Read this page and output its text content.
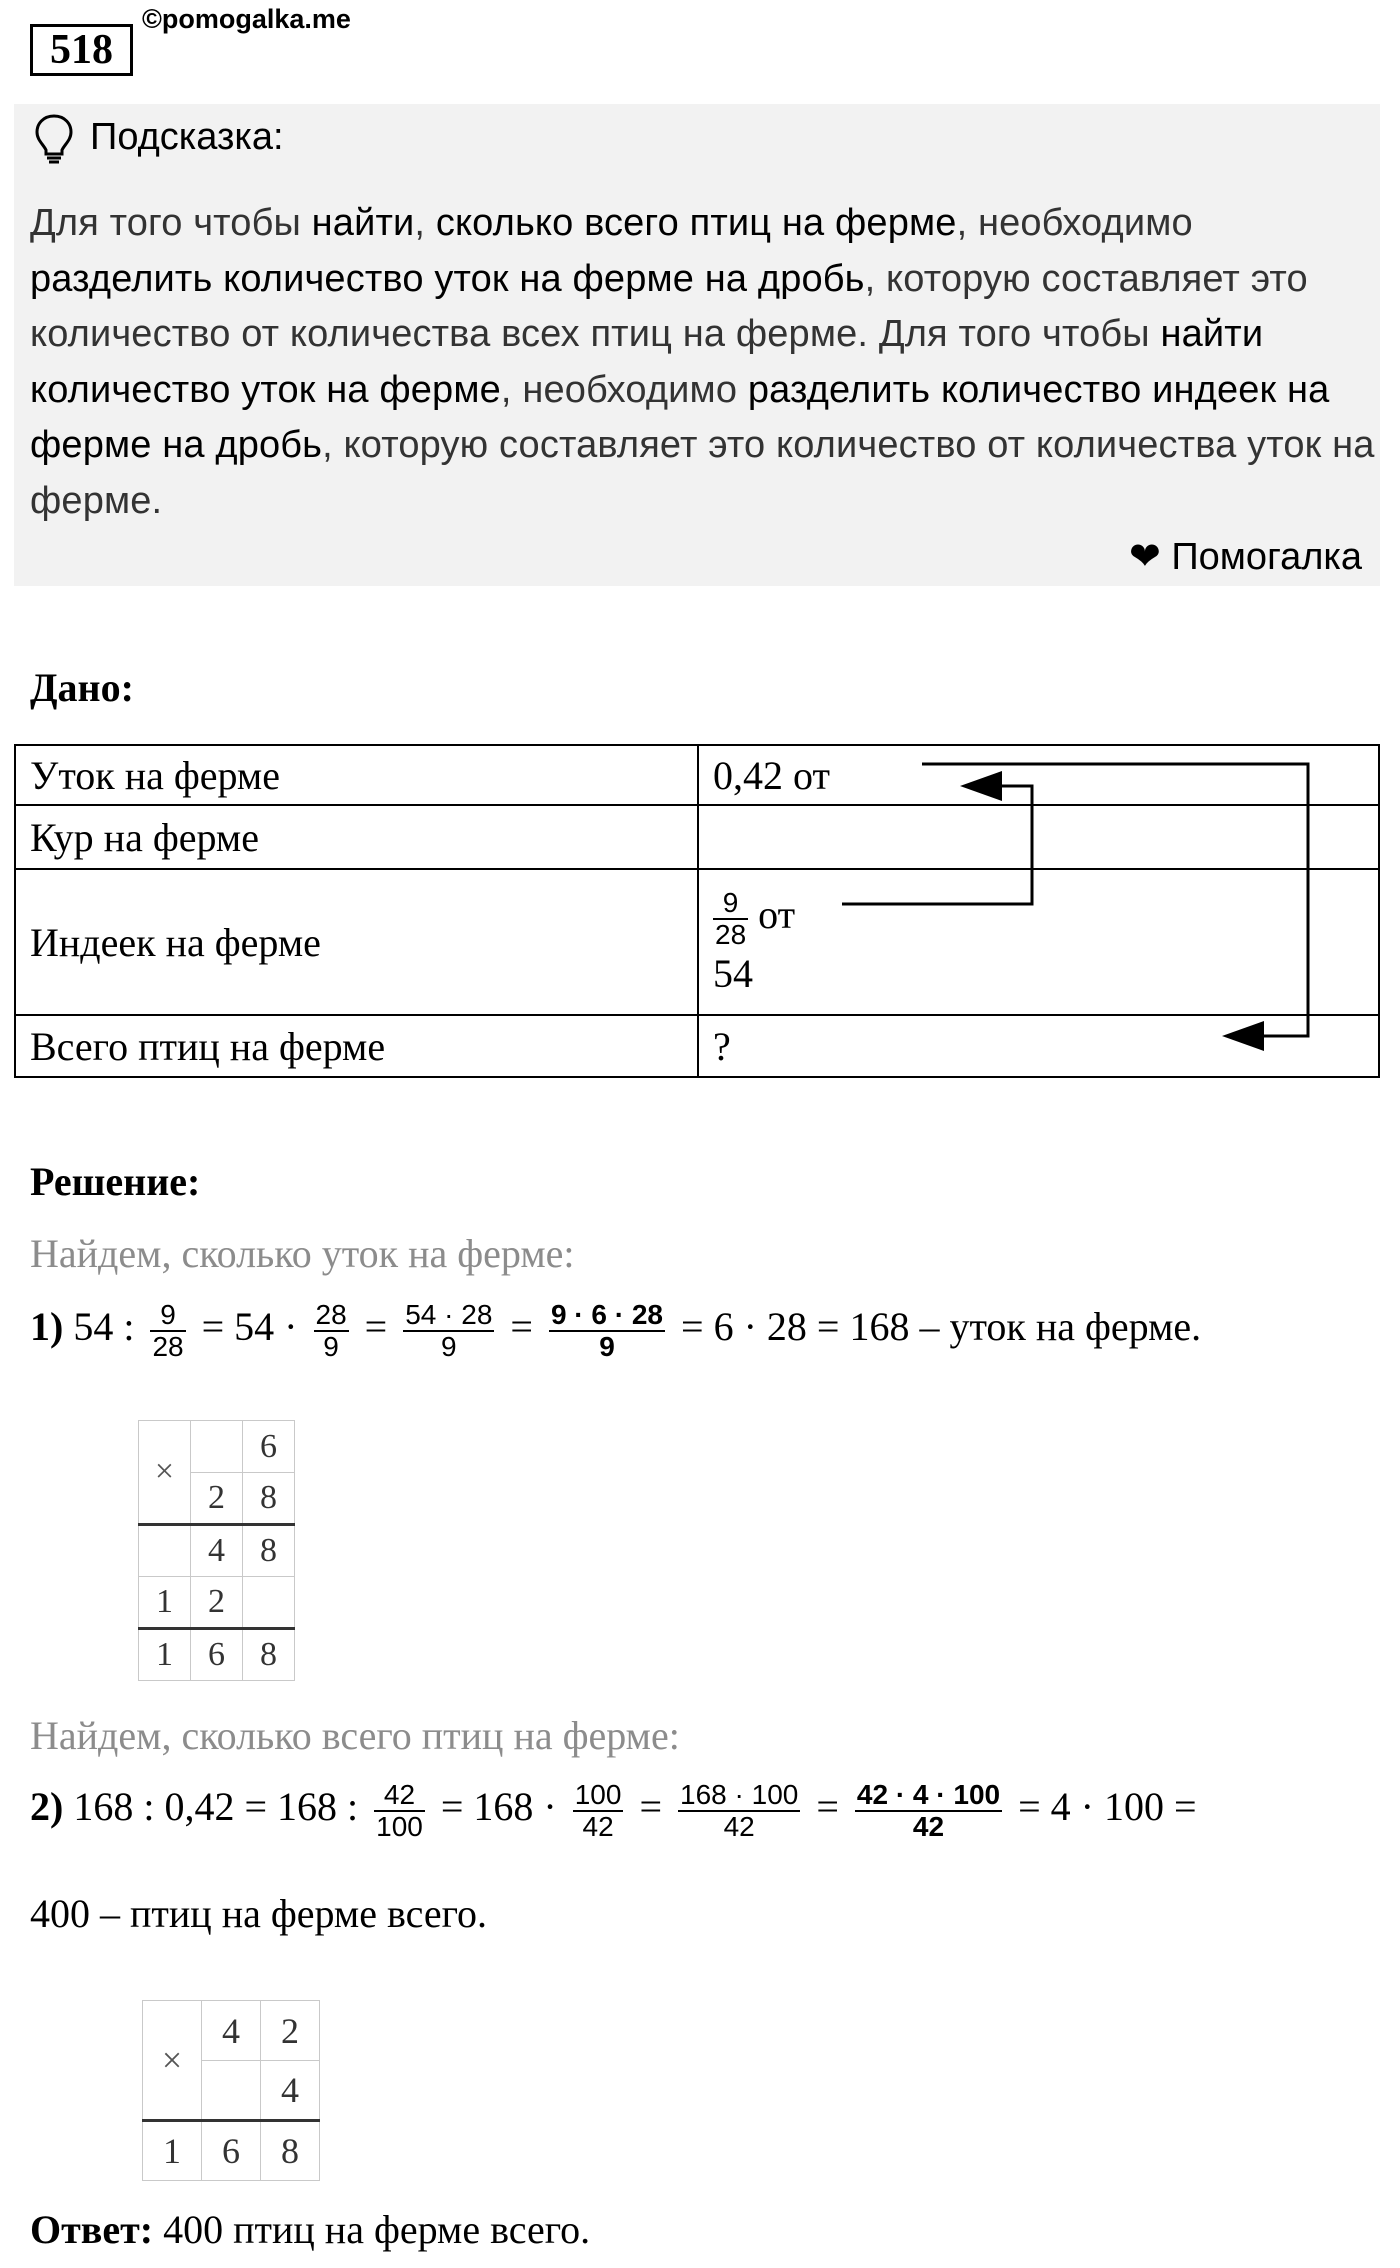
518
©pomogalka.me
Подсказка:
Для того чтобы найти, сколько всего птиц на ферме, необходимо разделить количество уток на ферме на дробь, которую составляет это количество от количества всех птиц на ферме. Для того чтобы найти количество уток на ферме, необходимо разделить количество индеек на ферме на дробь, которую составляет это количество от количества уток на ферме.
❤ Помогалка
Дано:
Уток на ферме	0,42 от
Кур на ферме	
Индеек на ферме	$\frac{9}{28}$ от
54

Всего птиц на ферме	?
Решение:
Найдем, сколько уток на ферме:
1) 54 : $\frac{9}{28} = 54 \cdot \frac{28}{9} = \frac{54 \cdot 28}{9} = \frac{9 \cdot 6 \cdot 28}{9} = 6 \cdot 28 = 168$ – уток на ферме.
×		6
	2	8
	4	8
1	2	
1	6	8
Найдем, сколько всего птиц на ферме:
2) 168 : 0,42 = 168 : $\frac{42}{100} = 168 \cdot \frac{100}{42} = \frac{168 \cdot 100}{42} = \frac{42 \cdot 4 \cdot 100}{42} = 4 \cdot 100$ =
400 – птиц на ферме всего.
×	4	2
		4
1	6	8
Ответ: 400 птиц на ферме всего.
